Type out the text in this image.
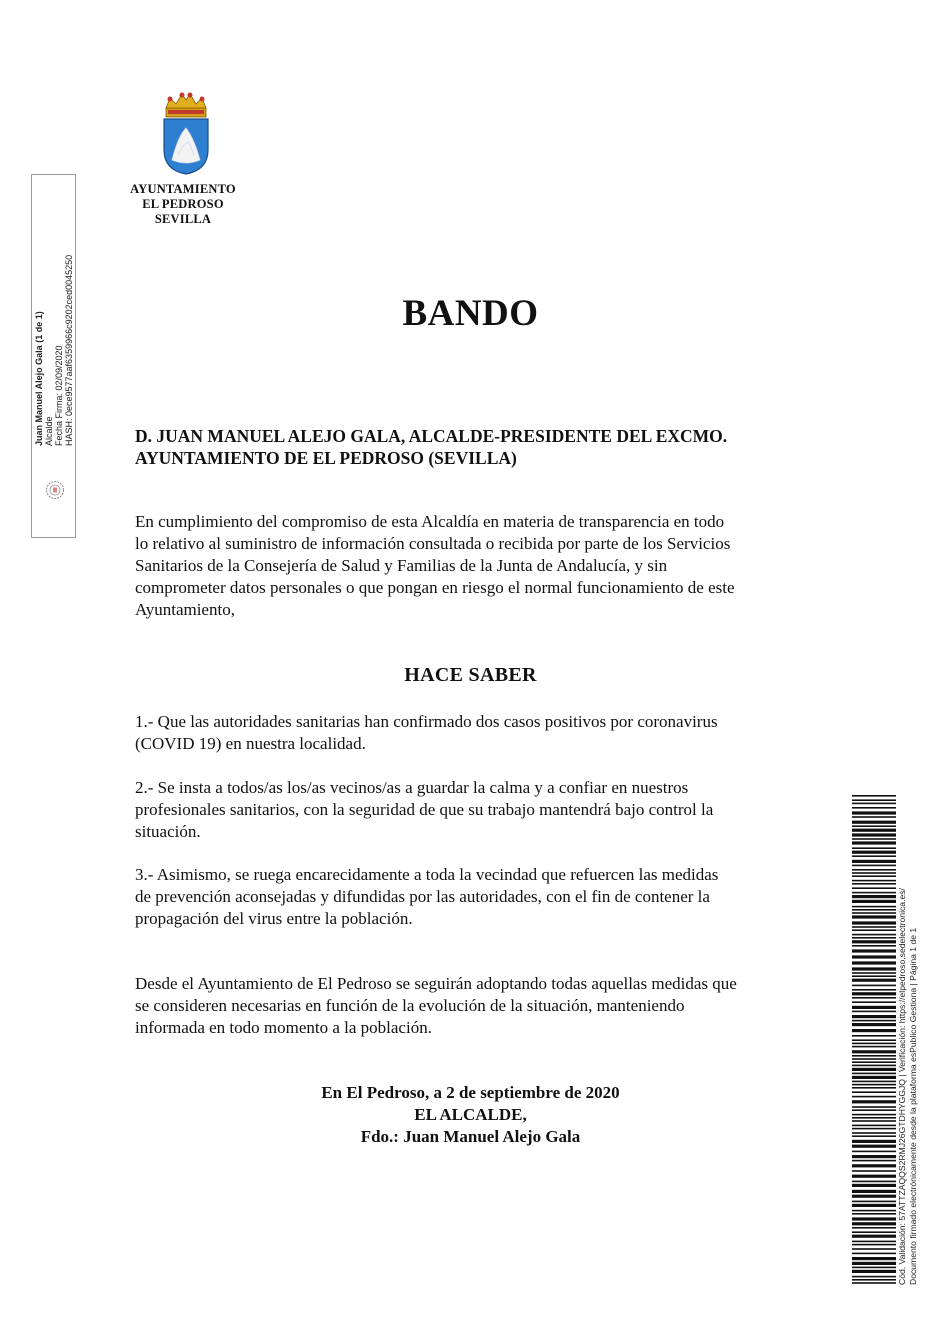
AYUNTAMIENTO
EL PEDROSO
SEVILLA
Juan Manuel Alejo Gala (1 de 1) Alcalde Fecha Firma: 02/09/2020 HASH: 0ece9577aaf6359966c9202ced0045250	BANDO
D. JUAN MANUEL ALEJO GALA, ALCALDE-PRESIDENTE DEL EXCMO.
AYUNTAMIENTO DE EL PEDROSO (SEVILLA)
En cumplimiento del compromiso de esta Alcaldía en materia de transparencia en todo
lo relativo al suministro de información consultada o recibida por parte de los Servicios
Sanitarios de la Consejería de Salud y Familias de la Junta de Andalucía, y sin
comprometer datos personales o que pongan en riesgo el normal funcionamiento de este
Ayuntamiento,
HACE SABER
1.- Que las autoridades sanitarias han confirmado dos casos positivos por coronavirus
(COVID 19) en nuestra localidad.
2.- Se insta a todos/as los/as vecinos/as a guardar la calma y a confiar en nuestros
profesionales sanitarios, con la seguridad de que su trabajo mantendrá bajo control la
situación.
3.- Asimismo, se ruega encarecidamente a toda la vecindad que refuercen las medidas
de prevención aconsejadas y difundidas por las autoridades, con el fin de contener la
propagación del virus entre la población.
Desde el Ayuntamiento de El Pedroso se seguirán adoptando todas aquellas medidas que
se consideren necesarias en función de la evolución de la situación, manteniendo
informada en todo momento a la población.
En El Pedroso, a 2 de septiembre de 2020
EL ALCALDE,
Fdo.: Juan Manuel Alejo Gala	Cód. Validación: 57ATTZAQQS2RMJ26GTDHYGGJQ | Verificación: https://elpedroso.sedelectronica.es/ Documento firmado electrónicamente desde la plataforma esPublico Gestiona | Página 1 de 1
